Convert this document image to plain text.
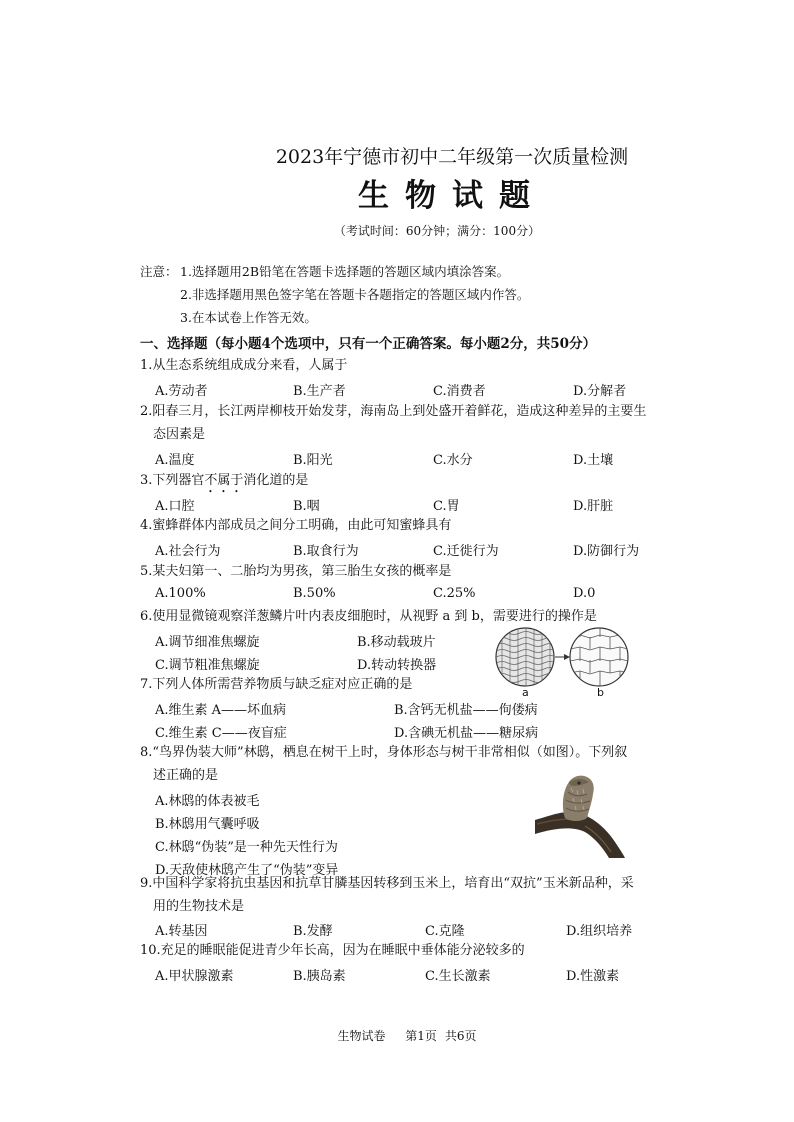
2023年宁德市初中二年级第一次质量检测
生物试题
（考试时间：60分钟；满分：100分）
注意： 1.选择题用2B铅笔在答题卡选择题的答题区域内填涂答案。
2.非选择题用黑色签字笔在答题卡各题指定的答题区域内作答。
3.在本试卷上作答无效。
一、选择题（每小题4个选项中，只有一个正确答案。每小题2分，共50分）
1.从生态系统组成成分来看，人属于
A.劳动者	B.生产者	C.消费者	D.分解者
2.阳春三月，长江两岸柳枝开始发芽，海南岛上到处盛开着鲜花，造成这种差异的主要生
态因素是
A.温度	B.阳光	C.水分	D.土壤
3.下列器官不属于消化道的是
A.口腔	B.咽	C.胃	D.肝脏
4.蜜蜂群体内部成员之间分工明确，由此可知蜜蜂具有
A.社会行为	B.取食行为	C.迁徙行为	D.防御行为
5.某夫妇第一、二胎均为男孩，第三胎生女孩的概率是
A.100%	B.50%	C.25%	D.0
6.使用显微镜观察洋葱鳞片叶内表皮细胞时，从视野 a 到 b，需要进行的操作是
A.调节细准焦螺旋	B.移动载玻片
C.调节粗准焦螺旋	D.转动转换器
a	b
7.下列人体所需营养物质与缺乏症对应正确的是
A.维生素 A——坏血病	B.含钙无机盐——佝偻病
C.维生素 C——夜盲症	D.含碘无机盐——糖尿病
8.“鸟界伪装大师”林鸱，栖息在树干上时，身体形态与树干非常相似（如图）。下列叙
述正确的是
A.林鸱的体表被毛
B.林鸱用气囊呼吸
C.林鸱“伪装”是一种先天性行为
D.天敌使林鸱产生了“伪装”变异
9.中国科学家将抗虫基因和抗草甘膦基因转移到玉米上，培育出“双抗”玉米新品种，采
用的生物技术是
A.转基因	B.发酵	C.克隆	D.组织培养
10.充足的睡眠能促进青少年长高，因为在睡眠中垂体能分泌较多的
A.甲状腺激素	B.胰岛素	C.生长激素	D.性激素
生物试卷 第1页 共6页
